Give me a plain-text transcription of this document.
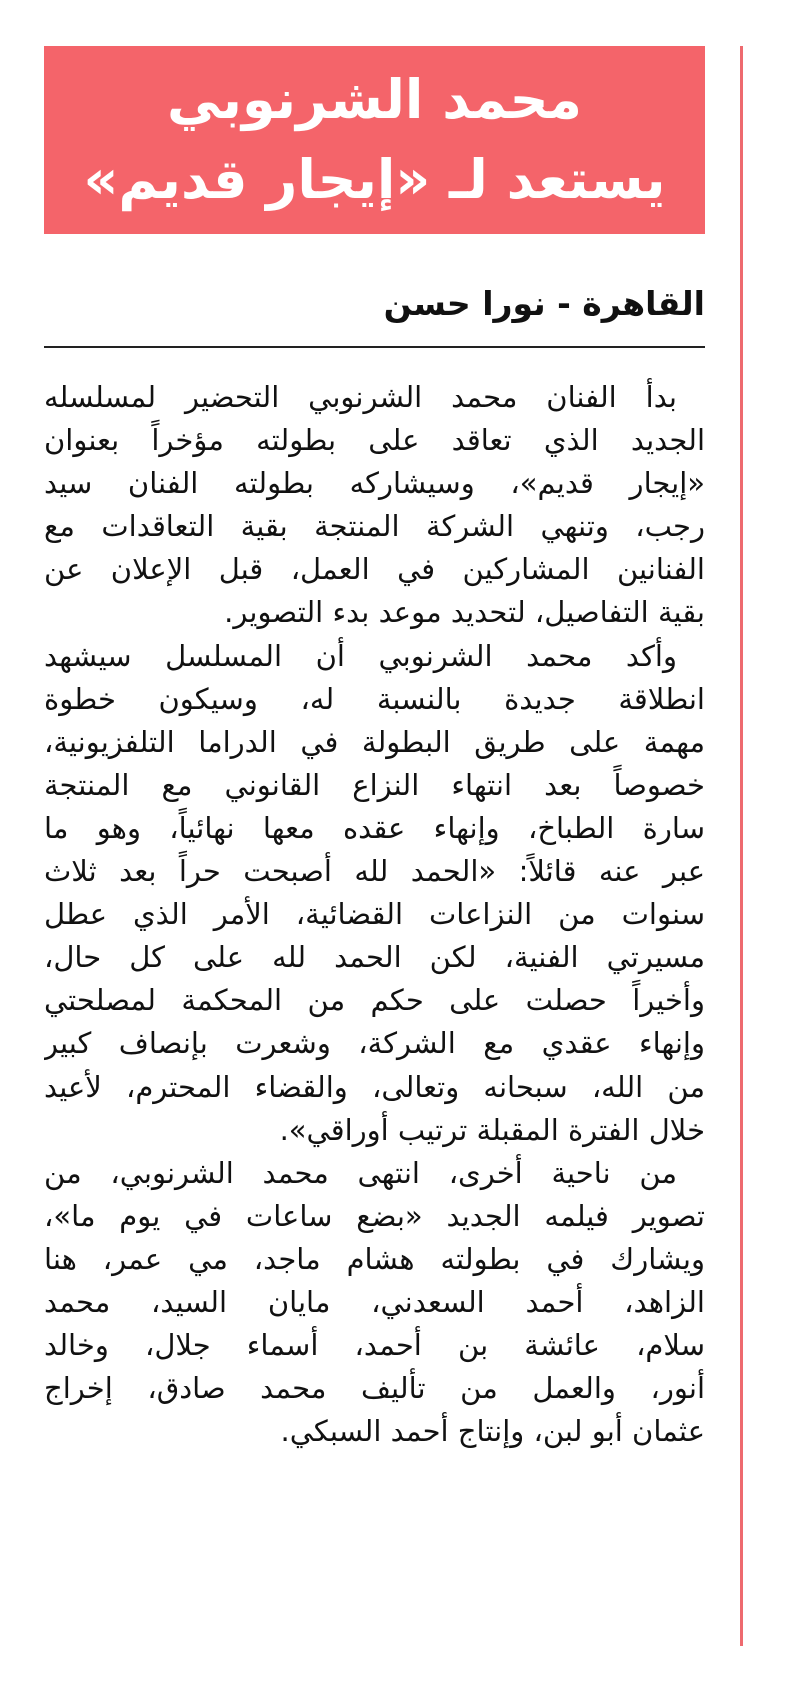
محمد الشرنوبي
يستعد لـ «إيجار قديم»
القاهرة - نورا حسن
بدأ الفنان محمد الشرنوبي التحضير لمسلسله
الجديد الذي تعاقد على بطولته مؤخراً بعنوان
«إيجار قديم»، وسيشاركه بطولته الفنان سيد
رجب، وتنهي الشركة المنتجة بقية التعاقدات مع
الفنانين المشاركين في العمل، قبل الإعلان عن
بقية التفاصيل، لتحديد موعد بدء التصوير.
وأكد محمد الشرنوبي أن المسلسل سيشهد
انطلاقة جديدة بالنسبة له، وسيكون خطوة
مهمة على طريق البطولة في الدراما التلفزيونية،
خصوصاً بعد انتهاء النزاع القانوني مع المنتجة
سارة الطباخ، وإنهاء عقده معها نهائياً، وهو ما
عبر عنه قائلاً: «الحمد لله أصبحت حراً بعد ثلاث
سنوات من النزاعات القضائية، الأمر الذي عطل
مسيرتي الفنية، لكن الحمد لله على كل حال،
وأخيراً حصلت على حكم من المحكمة لمصلحتي
وإنهاء عقدي مع الشركة، وشعرت بإنصاف كبير
من الله، سبحانه وتعالى، والقضاء المحترم، لأعيد
خلال الفترة المقبلة ترتيب أوراقي».
من ناحية أخرى، انتهى محمد الشرنوبي، من
تصوير فيلمه الجديد «بضع ساعات في يوم ما»،
ويشارك في بطولته هشام ماجد، مي عمر، هنا
الزاهد، أحمد السعدني، مايان السيد، محمد
سلام، عائشة بن أحمد، أسماء جلال، وخالد
أنور، والعمل من تأليف محمد صادق، إخراج
عثمان أبو لبن، وإنتاج أحمد السبكي.
